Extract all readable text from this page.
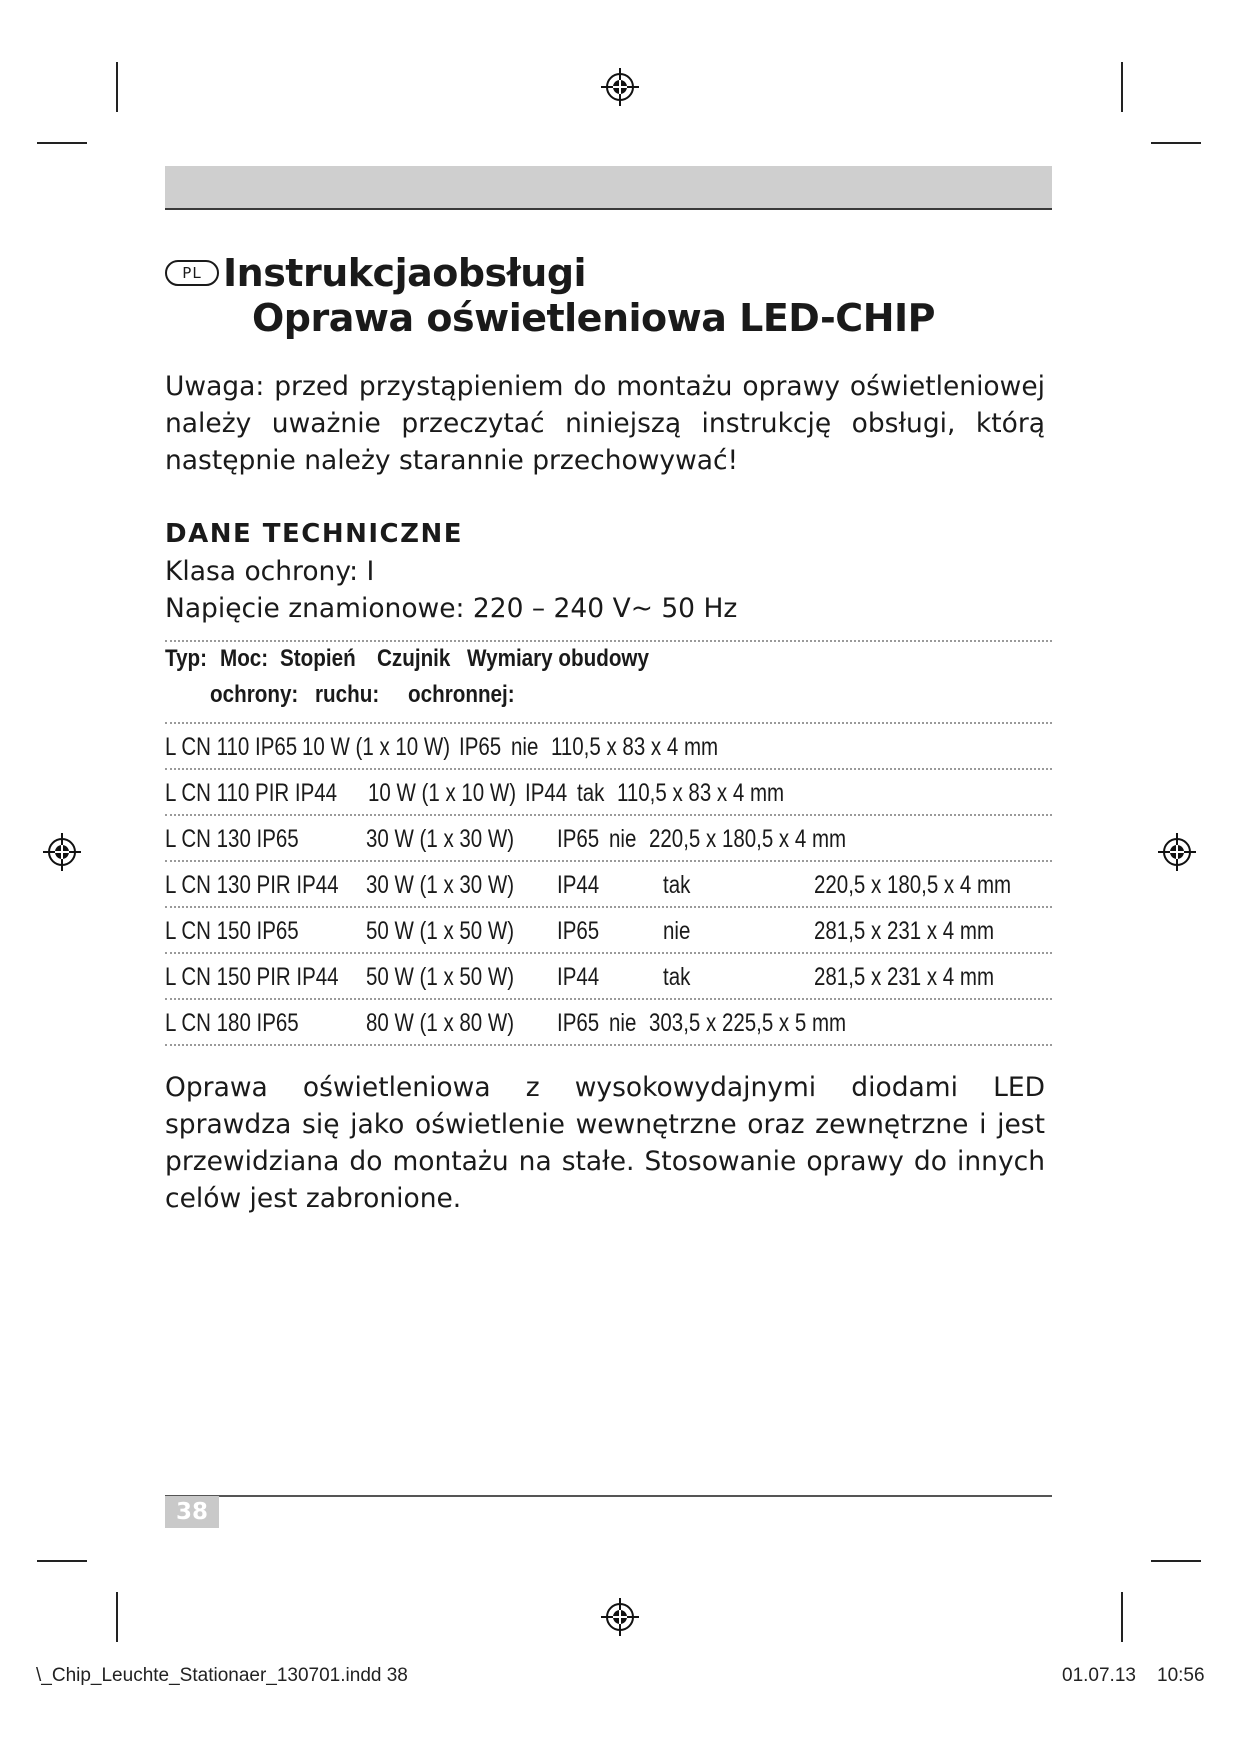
PL Instrukcjaobsługi
Oprawa oświetleniowa LED-CHIP
Uwaga: przed przystąpieniem do montażu oprawy oświetleniowej należy uważnie przeczytać niniejszą instrukcję obsługi, którą następnie należy starannie przechowywać!
DANE TECHNICZNE
Klasa ochrony: I
Napięcie znamionowe: 220 – 240 V~ 50 Hz
Typ: Moc: Stopień Czujnik Wymiary obudowy
ochrony: ruchu: ochronnej:
L CN 110 IP65 10 W (1 x 10 W) IP65 nie 110,5 x 83 x 4 mm
L CN 110 PIR IP44 10 W (1 x 10 W) IP44 tak 110,5 x 83 x 4 mm
L CN 130 IP65	30 W (1 x 30 W) IP65 nie 220,5 x 180,5 x 4 mm
L CN 130 PIR IP44 30 W (1 x 30 W) IP44	tak	220,5 x 180,5 x 4 mm
L CN 150 IP65	50 W (1 x 50 W) IP65	nie	281,5 x 231 x 4 mm
L CN 150 PIR IP44 50 W (1 x 50 W) IP44	tak	281,5 x 231 x 4 mm
L CN 180 IP65	80 W (1 x 80 W) IP65 nie 303,5 x 225,5 x 5 mm
Oprawa oświetleniowa z wysokowydajnymi diodami LED sprawdza się jako oświetlenie wewnętrzne oraz zewnętrzne i jest przewidziana do montażu na stałe. Stosowanie oprawy do innych celów jest zabronione.
38
\_Chip_Leuchte_Stationaer_130701.indd 38	01.07.13 10:56
